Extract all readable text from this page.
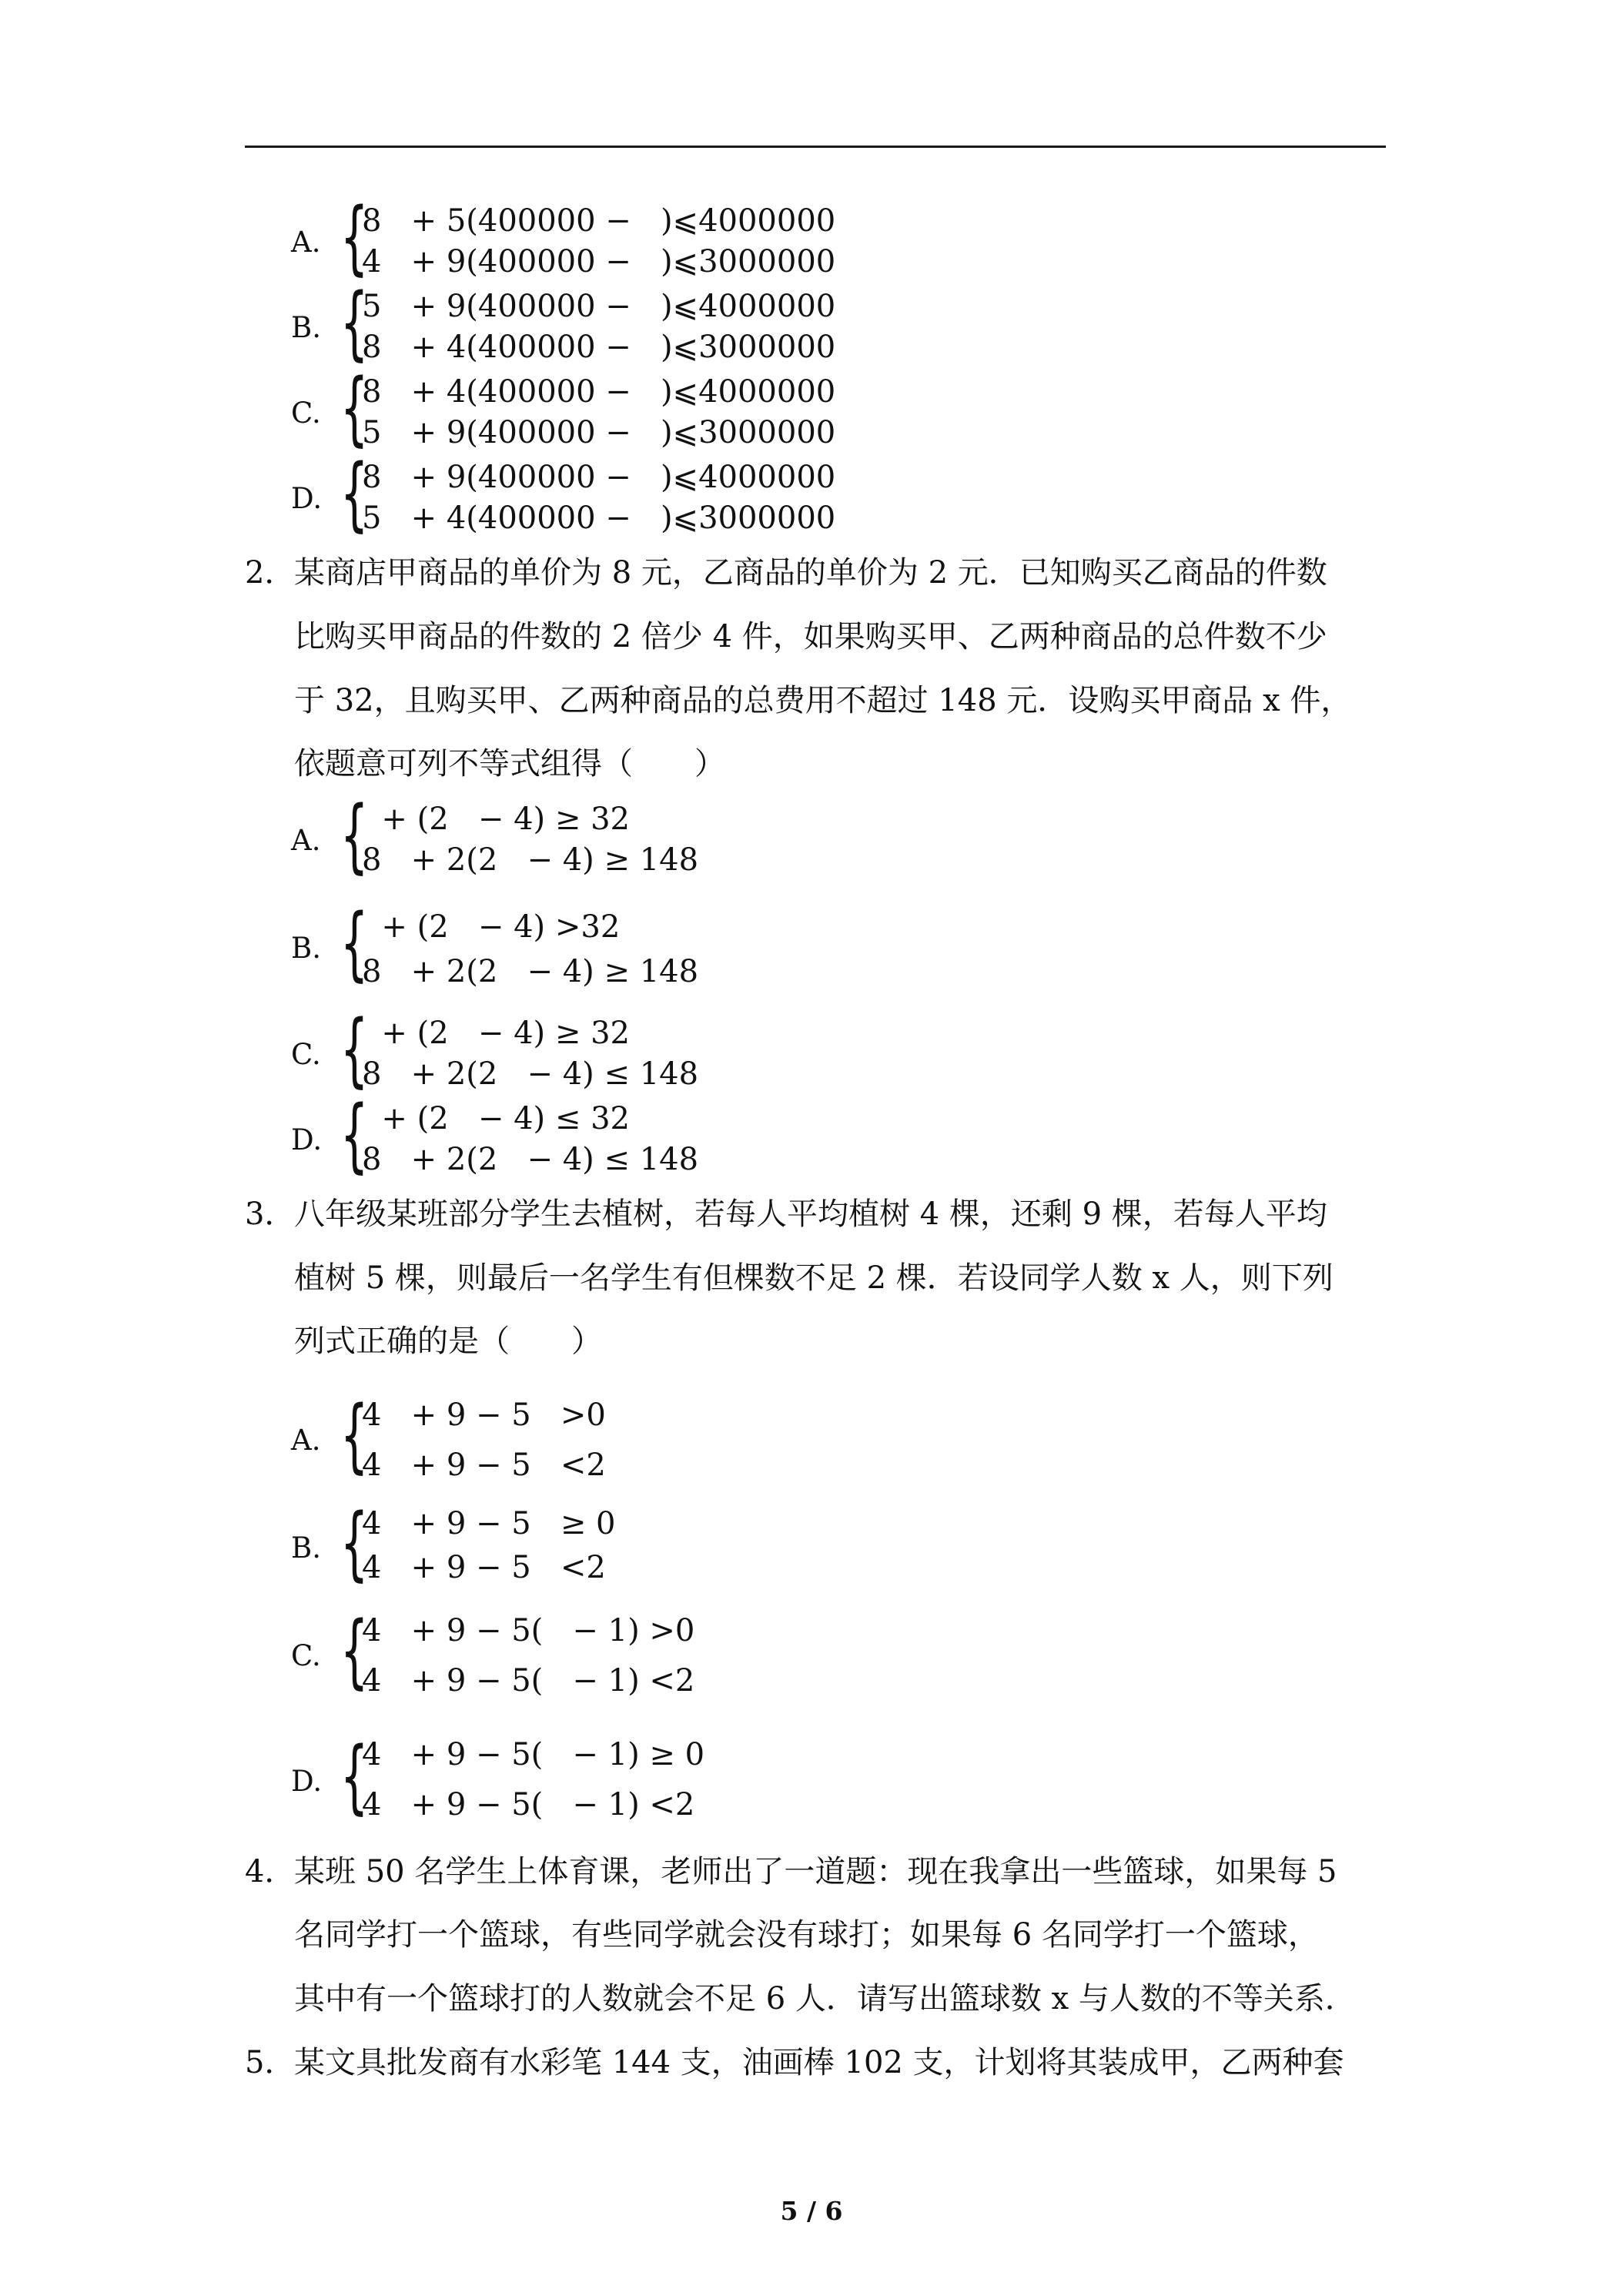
A. {
8   + 5(400000 −   )⩽4000000
4   + 9(400000 −   )⩽3000000
B. {
5   + 9(400000 −   )⩽4000000
8   + 4(400000 −   )⩽3000000
C. {
8   + 4(400000 −   )⩽4000000
5   + 9(400000 −   )⩽3000000
D. {
8   + 9(400000 −   )⩽4000000
5   + 4(400000 −   )⩽3000000
2．
某商店甲商品的单价为 8 元，乙商品的单价为 2 元．已知购买乙商品的件数
比购买甲商品的件数的 2 倍少 4 件，如果购买甲、乙两种商品的总件数不少
于 32，且购买甲、乙两种商品的总费用不超过 148 元．设购买甲商品 x 件，
依题意可列不等式组得（　　）
A. {
+ (2   − 4) ≥ 32
8   + 2(2   − 4) ≥ 148
B. {
+ (2   − 4) >32
8   + 2(2   − 4) ≥ 148
C. {
+ (2   − 4) ≥ 32
8   + 2(2   − 4) ≤ 148
D. {
+ (2   − 4) ≤ 32
8   + 2(2   − 4) ≤ 148
3．
八年级某班部分学生去植树，若每人平均植树 4 棵，还剩 9 棵，若每人平均
植树 5 棵，则最后一名学生有但棵数不足 2 棵．若设同学人数 x 人，则下列
列式正确的是（　　）
A. {
4   + 9 − 5   >0
4   + 9 − 5   <2
B. {
4   + 9 − 5   ≥ 0
4   + 9 − 5   <2
C. {
4   + 9 − 5(   − 1) >0
4   + 9 − 5(   − 1) <2
D. {
4   + 9 − 5(   − 1) ≥ 0
4   + 9 − 5(   − 1) <2
4．
某班 50 名学生上体育课，老师出了一道题：现在我拿出一些篮球，如果每 5
名同学打一个篮球，有些同学就会没有球打；如果每 6 名同学打一个篮球，
其中有一个篮球打的人数就会不足 6 人．请写出篮球数 x 与人数的不等关系．
5．
某文具批发商有水彩笔 144 支，油画棒 102 支，计划将其装成甲，乙两种套
5 / 6
